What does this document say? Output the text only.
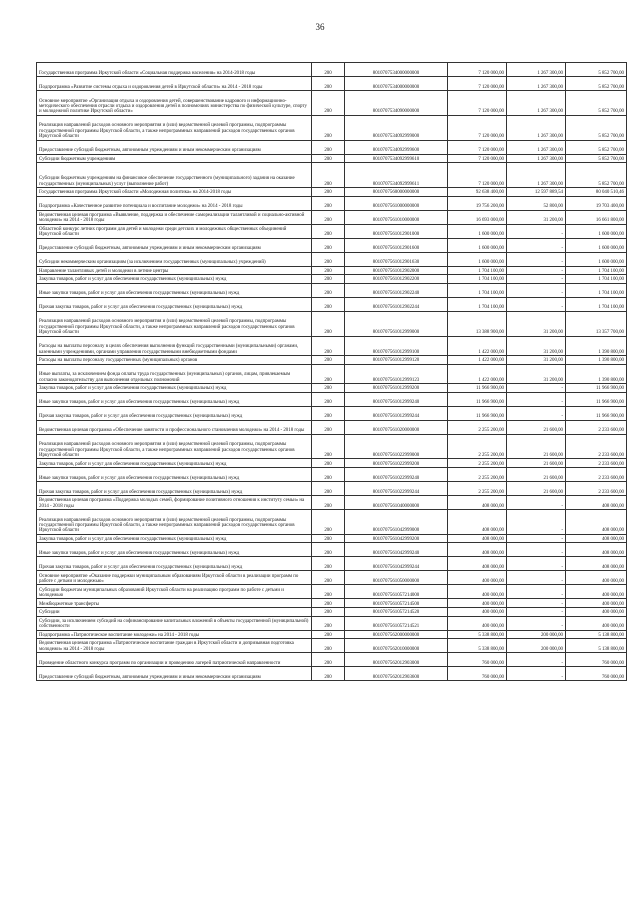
36
Государственная программа Иркутской области «Социальная поддержка населения» на 2014-2018 годы	200	8010707534000000000	7 120 000,00	1 267 300,00	5 852 700,00
Подпрограмма «Развитие системы отдыха и оздоровления детей в Иркутской области» на 2014 - 2018 годы	200	8010707534000000000	7 120 000,00	1 267 300,00	5 852 700,00
Основное мероприятие «Организация отдыха и оздоровления детей, совершенствование кадрового и информационно-методического обеспечения отрасли отдыха и оздоровления детей в полномочиях министерства по физической культуре, спорту и молодежной политике Иркутской области»	200	8010707534090000000	7 120 000,00	1 267 300,00	5 852 700,00
Реализация направлений расходов основного мероприятия и (или) ведомственной целевой программы, подпрограммы государственной программы Иркутской области, а также непрограммных направлений расходов государственных органов Иркутской области	200	8010707534092999000	7 120 000,00	1 267 300,00	5 852 700,00
Предоставление субсидий бюджетным, автономным учреждениям и иным некоммерческим организациям	200	8010707534092999600	7 120 000,00	1 267 300,00	5 852 700,00
Субсидии бюджетным учреждениям	200	8010707534092999610	7 120 000,00	1 267 300,00	5 852 700,00
Субсидии бюджетным учреждениям на финансовое обеспечение государственного (муниципального) задания на оказание государственных (муниципальных) услуг (выполнение работ)	200	8010707534092999611	7 120 000,00	1 267 300,00	5 852 700,00
Государственная программа Иркутской области «Молодежная политика» на 2014-2018 годы	200	8010707560000000000	92 638 400,00	12 597 889,54	80 040 510,46
Подпрограмма «Качественное развитие потенциала и воспитание молодежи» на 2014 - 2018 годы	200	8010707561000000000	19 756 200,00	52 800,00	19 703 400,00
Ведомственная целевая программа «Выявление, поддержка и обеспечение самореализации талантливой и социально-активной молодежи» на 2014 - 2018 годы	200	8010707561010000000	16 693 000,00	31 200,00	16 661 800,00
Областной конкурс летних программ для детей и молодежи среди детских и молодежных общественных объединений Иркутской области	200	8010707561012901000	1 600 000,00	-	1 600 000,00
Предоставление субсидий бюджетным, автономным учреждениям и иным некоммерческим организациям	200	8010707561012901600	1 600 000,00	-	1 600 000,00
Субсидии некоммерческим организациям (за исключением государственных (муниципальных) учреждений)	200	8010707561012901630	1 600 000,00	-	1 600 000,00
Направление талантливых детей и молодежи в летние центры	200	8010707561012902000	1 704 100,00	-	1 704 100,00
Закупка товаров, работ и услуг для обеспечения государственных (муниципальных) нужд	200	8010707561012902200	1 704 100,00	-	1 704 100,00
Иные закупки товаров, работ и услуг для обеспечения государственных (муниципальных) нужд	200	8010707561012902240	1 704 100,00	-	1 704 100,00
Прочая закупка товаров, работ и услуг для обеспечения государственных (муниципальных) нужд	200	8010707561012902244	1 704 100,00	-	1 704 100,00
Реализация направлений расходов основного мероприятия и (или) ведомственной целевой программы, подпрограммы государственной программы Иркутской области, а также непрограммных направлений расходов государственных органов Иркутской области	200	8010707561012999000	13 388 900,00	31 200,00	13 357 700,00
Расходы на выплаты персоналу в целях обеспечения выполнения функций государственными (муниципальными) органами, казенными учреждениями, органами управления государственными внебюджетными фондами	200	8010707561012999100	1 422 000,00	31 200,00	1 390 800,00
Расходы на выплаты персоналу государственных (муниципальных) органов	200	8010707561012999120	1 422 000,00	31 200,00	1 390 800,00
Иные выплаты, за исключением фонда оплаты труда государственных (муниципальных) органов, лицам, привлекаемым согласно законодательству для выполнения отдельных полномочий	200	8010707561012999123	1 422 000,00	31 200,00	1 390 800,00
Закупка товаров, работ и услуг для обеспечения государственных (муниципальных) нужд	200	8010707561012999200	11 966 900,00	-	11 966 900,00
Иные закупки товаров, работ и услуг для обеспечения государственных (муниципальных) нужд	200	8010707561012999240	11 966 900,00	-	11 966 900,00
Прочая закупка товаров, работ и услуг для обеспечения государственных (муниципальных) нужд	200	8010707561012999244	11 966 900,00	-	11 966 900,00
Ведомственная целевая программа «Обеспечение занятости и профессионального становления молодежи» на 2014 - 2018 годы	200	8010707561020000000	2 255 200,00	21 600,00	2 233 600,00
Реализация направлений расходов основного мероприятия и (или) ведомственной целевой программы, подпрограммы государственной программы Иркутской области, а также непрограммных направлений расходов государственных органов Иркутской области	200	8010707561022999000	2 255 200,00	21 600,00	2 233 600,00
Закупка товаров, работ и услуг для обеспечения государственных (муниципальных) нужд	200	8010707561022999200	2 255 200,00	21 600,00	2 233 600,00
Иные закупки товаров, работ и услуг для обеспечения государственных (муниципальных) нужд	200	8010707561022999240	2 255 200,00	21 600,00	2 233 600,00
Прочая закупка товаров, работ и услуг для обеспечения государственных (муниципальных) нужд	200	8010707561022999244	2 255 200,00	21 600,00	2 233 600,00
Ведомственная целевая программа «Поддержка молодых семей, формирование позитивного отношения к институту семьи» на 2014 - 2018 годы	200	8010707561040000000	408 000,00	-	408 000,00
Реализация направлений расходов основного мероприятия и (или) ведомственной целевой программы, подпрограммы государственной программы Иркутской области, а также непрограммных направлений расходов государственных органов Иркутской области	200	8010707561042999000	408 000,00	-	408 000,00
Закупка товаров, работ и услуг для обеспечения государственных (муниципальных) нужд	200	8010707561042999200	408 000,00	-	408 000,00
Иные закупки товаров, работ и услуг для обеспечения государственных (муниципальных) нужд	200	8010707561042999240	408 000,00	-	408 000,00
Прочая закупка товаров, работ и услуг для обеспечения государственных (муниципальных) нужд	200	8010707561042999244	408 000,00	-	408 000,00
Основное мероприятие «Оказание поддержки муниципальным образованиям Иркутской области в реализации программ по работе с детьми и молодежью»	200	8010707561050000000	400 000,00	-	400 000,00
Субсидии бюджетам муниципальных образований Иркутской области на реализацию программ по работе с детьми и молодежью	200	8010707561057214000	400 000,00	-	400 000,00
Межбюджетные трансферты	200	8010707561057214500	400 000,00	-	400 000,00
Субсидии	200	8010707561057214520	400 000,00	-	400 000,00
Субсидии, за исключением субсидий на софинансирование капитальных вложений в объекты государственной (муниципальной) собственности	200	8010707561057214521	400 000,00	-	400 000,00
Подпрограмма «Патриотическое воспитание молодежи» на 2014 - 2018 годы	200	8010707562000000000	5 338 800,00	200 000,00	5 138 800,00
Ведомственная целевая программа «Патриотическое воспитание граждан в Иркутской области и допризывная подготовка молодежи» на 2014 - 2018 годы	200	8010707562010000000	5 338 800,00	200 000,00	5 138 800,00
Проведение областного конкурса программ по организации и проведению лагерей патриотической направленности	200	8010707562012903000	760 000,00	-	760 000,00
Предоставление субсидий бюджетным, автономным учреждениям и иным некоммерческим организациям	200	8010707562012903600	760 000,00	-	760 000,00
